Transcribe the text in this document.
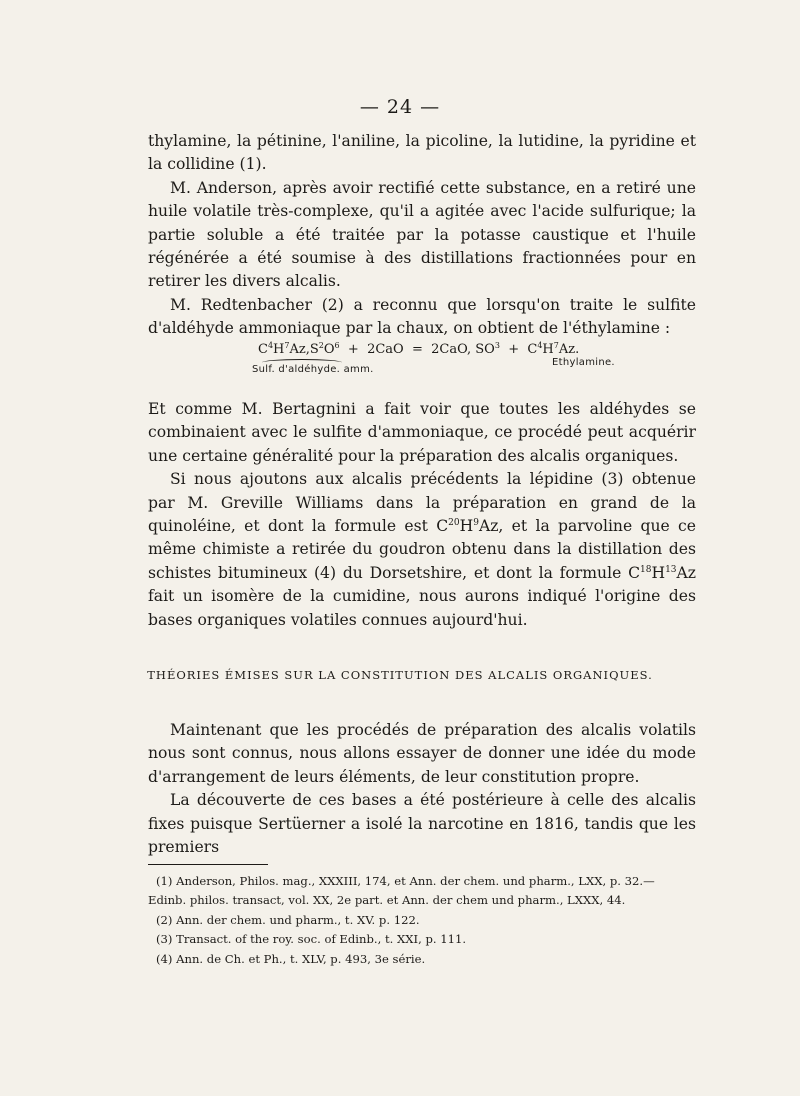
— 24 —

thylamine, la pétinine, l'aniline, la picoline, la lutidine, la pyridine et la collidine (1).

M. Anderson, après avoir rectifié cette substance, en a retiré une huile volatile très-complexe, qu'il a agitée avec l'acide sulfurique; la partie soluble a été traitée par la potasse caustique et l'huile régénérée a été soumise à des distillations fractionnées pour en retirer les divers alcalis.

M. Redtenbacher (2) a reconnu que lorsqu'on traite le sulfite d'aldéhyde ammoniaque par la chaux, on obtient de l'éthylamine :

$C^4H^7Az,S^2O^6 + 2CaO = 2CaO$, $SO^3 + C^4H^7Az$.
Sulf. d'aldéhyde. amm.
Ethylamine.

Et comme M. Bertagnini a fait voir que toutes les aldéhydes se combinaient avec le sulfite d'ammoniaque, ce procédé peut acquérir une certaine généralité pour la préparation des alcalis organiques.

Si nous ajoutons aux alcalis précédents la lépidine (3) obtenue par M. Greville Williams dans la préparation en grand de la quinoléine, et dont la formule est $C^{20}H^9Az$, et la parvoline que ce même chimiste a retirée du goudron obtenu dans la distillation des schistes bitumineux (4) du Dorsetshire, et dont la formule $C^{18}H^{13}Az$ fait un isomère de la cumidine, nous aurons indiqué l'origine des bases organiques volatiles connues aujourd'hui.

THÉORIES ÉMISES SUR LA CONSTITUTION DES ALCALIS ORGANIQUES.

Maintenant que les procédés de préparation des alcalis volatils nous sont connus, nous allons essayer de donner une idée du mode d'arrangement de leurs éléments, de leur constitution propre.

La découverte de ces bases a été postérieure à celle des alcalis fixes puisque Sertüerner a isolé la narcotine en 1816, tandis que les premiers

(1) Anderson, Philos. mag., XXXIII, 174, et Ann. der chem. und pharm., LXX, p. 32.—

Edinb. philos. transact, vol. XX, 2e part. et Ann. der chem und pharm., LXXX, 44.

(2) Ann. der chem. und pharm., t. XV. p. 122.

(3) Transact. of the roy. soc. of Edinb., t. XXI, p. 111.

(4) Ann. de Ch. et Ph., t. XLV, p. 493, 3e série.
